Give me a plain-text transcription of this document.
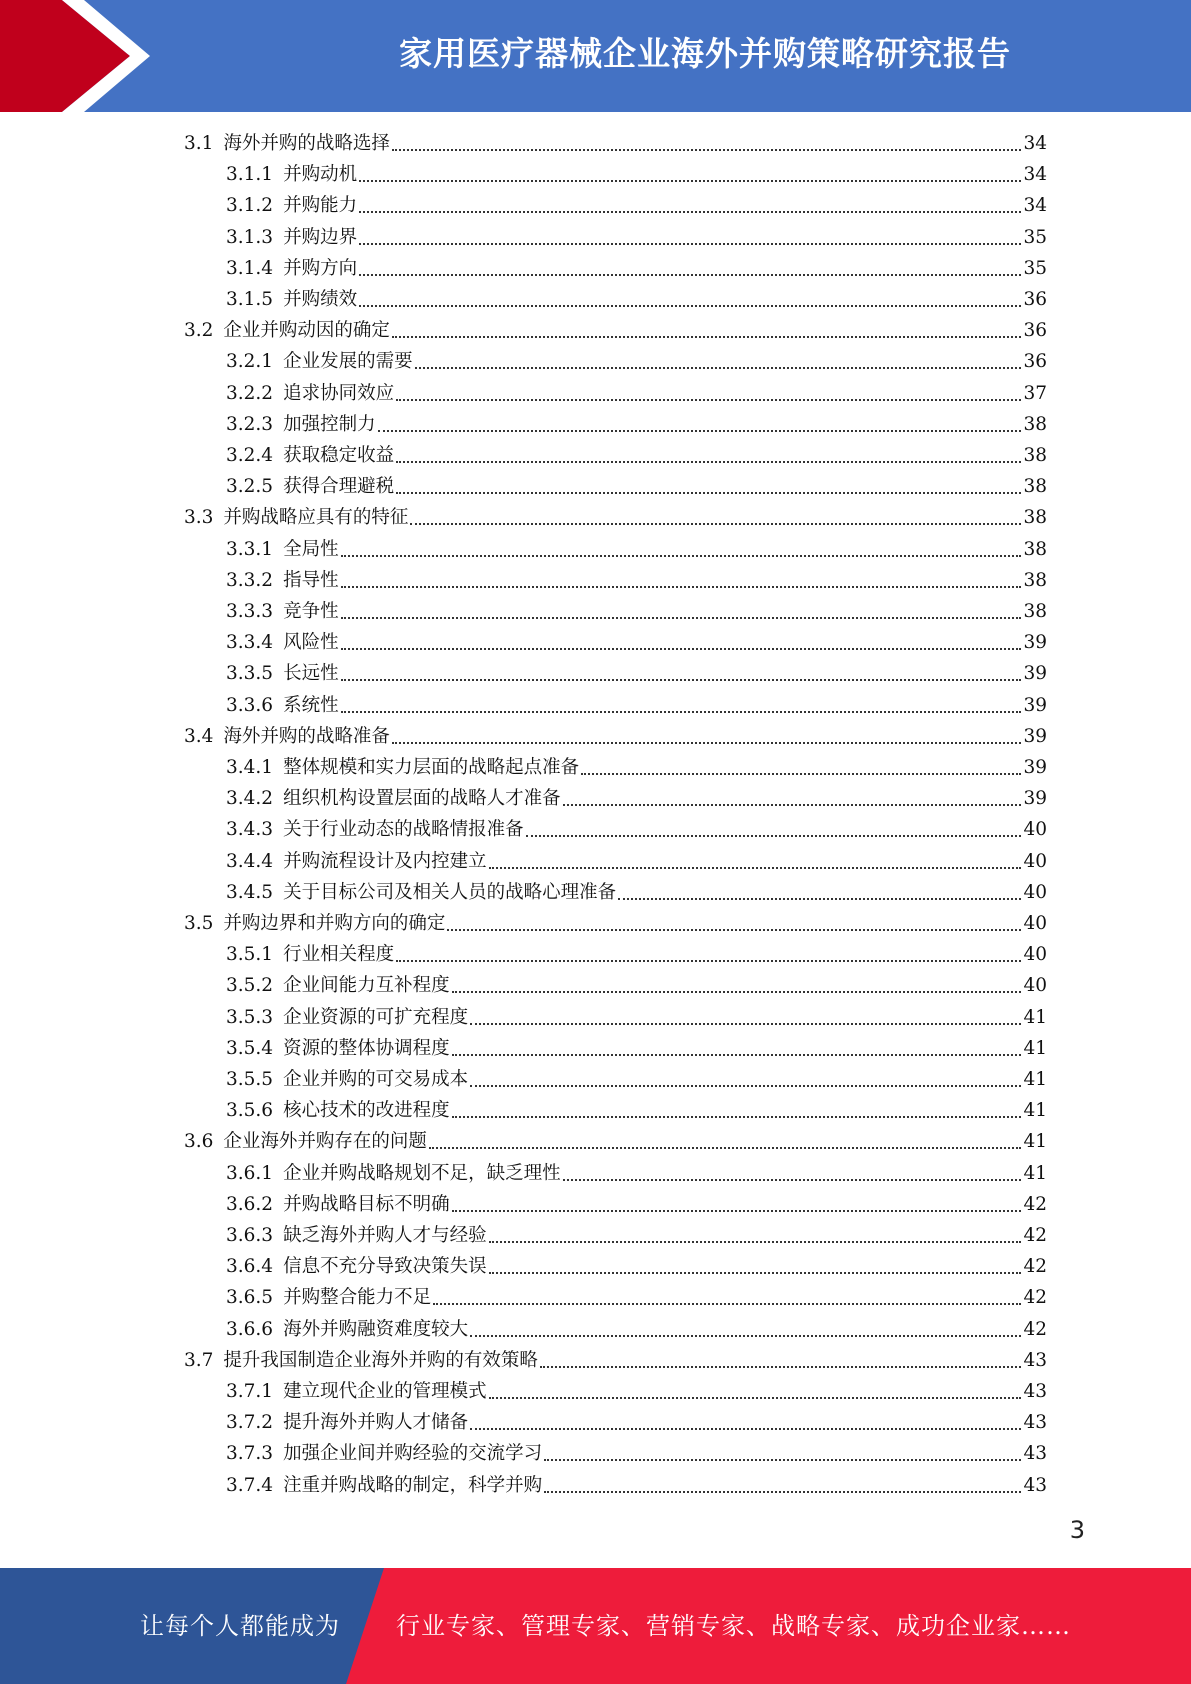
家用医疗器械企业海外并购策略研究报告
3.1 海外并购的战略选择	34
3.1.1 并购动机	34
3.1.2 并购能力	34
3.1.3 并购边界	35
3.1.4 并购方向	35
3.1.5 并购绩效	36
3.2 企业并购动因的确定	36
3.2.1 企业发展的需要	36
3.2.2 追求协同效应	37
3.2.3 加强控制力	38
3.2.4 获取稳定收益	38
3.2.5 获得合理避税	38
3.3 并购战略应具有的特征	38
3.3.1 全局性	38
3.3.2 指导性	38
3.3.3 竞争性	38
3.3.4 风险性	39
3.3.5 长远性	39
3.3.6 系统性	39
3.4 海外并购的战略准备	39
3.4.1 整体规模和实力层面的战略起点准备	39
3.4.2 组织机构设置层面的战略人才准备	39
3.4.3 关于行业动态的战略情报准备	40
3.4.4 并购流程设计及内控建立	40
3.4.5 关于目标公司及相关人员的战略心理准备	40
3.5 并购边界和并购方向的确定	40
3.5.1 行业相关程度	40
3.5.2 企业间能力互补程度	40
3.5.3 企业资源的可扩充程度	41
3.5.4 资源的整体协调程度	41
3.5.5 企业并购的可交易成本	41
3.5.6 核心技术的改进程度	41
3.6 企业海外并购存在的问题	41
3.6.1 企业并购战略规划不足，缺乏理性	41
3.6.2 并购战略目标不明确	42
3.6.3 缺乏海外并购人才与经验	42
3.6.4 信息不充分导致决策失误	42
3.6.5 并购整合能力不足	42
3.6.6 海外并购融资难度较大	42
3.7 提升我国制造企业海外并购的有效策略	43
3.7.1 建立现代企业的管理模式	43
3.7.2 提升海外并购人才储备	43
3.7.3 加强企业间并购经验的交流学习	43
3.7.4 注重并购战略的制定，科学并购	43
3
让每个人都能成为 行业专家、管理专家、营销专家、战略专家、成功企业家……
